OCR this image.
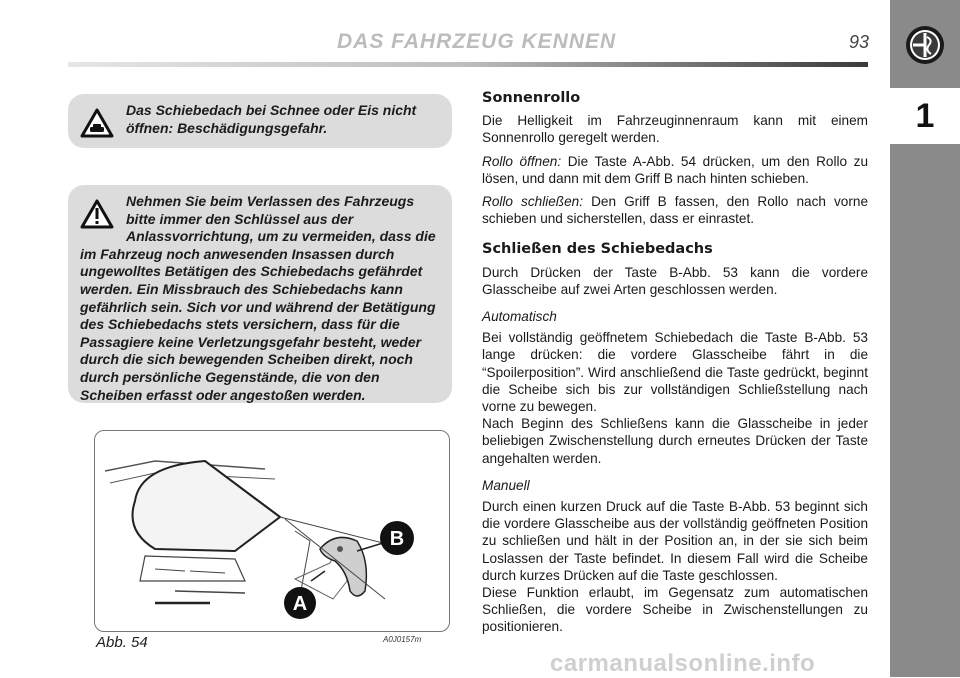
DAS FAHRZEUG KENNEN	93
1
Das Schiebedach bei Schnee oder Eis nicht öffnen: Beschädigungsgefahr.
Nehmen Sie beim Verlassen des Fahrzeugs bitte immer den Schlüssel aus der Anlassvorrichtung, um zu vermeiden, dass die im Fahrzeug noch anwesenden Insassen durch ungewolltes Betätigen des Schiebedachs gefährdet werden. Ein Missbrauch des Schiebedachs kann gefährlich sein. Sich vor und während der Betätigung des Schiebedachs stets versichern, dass für die Passagiere keine Verletzungsgefahr besteht, weder durch die sich bewegenden Scheiben direkt, noch durch persönliche Gegenstände, die von den Scheiben erfasst oder angestoßen werden.
B
A
Abb. 54	A0J0157m
Sonnenrollo

Die Helligkeit im Fahrzeuginnenraum kann mit einem Sonnenrollo geregelt werden.

Rollo öffnen: Die Taste A-Abb. 54 drücken, um den Rollo zu lösen, und dann mit dem Griff B nach hinten schieben.

Rollo schließen: Den Griff B fassen, den Rollo nach vorne schieben und sicherstellen, dass er einrastet.

Schließen des Schiebedachs

Durch Drücken der Taste B-Abb. 53 kann die vordere Glasscheibe auf zwei Arten geschlossen werden.

Automatisch

Bei vollständig geöffnetem Schiebedach die Taste B-Abb. 53 lange drücken: die vordere Glasscheibe fährt in die “Spoilerposition”. Wird anschließend die Taste gedrückt, beginnt die Scheibe sich bis zur vollständigen Schließstellung nach vorne zu bewegen.

Nach Beginn des Schließens kann die Glasscheibe in jeder beliebigen Zwischenstellung durch erneutes Drücken der Taste angehalten werden.

Manuell

Durch einen kurzen Druck auf die Taste B-Abb. 53 beginnt sich die vordere Glasscheibe aus der vollständig geöffneten Position zu schließen und hält in der Position an, in der sie sich beim Loslassen der Taste befindet. In diesem Fall wird die Scheibe durch kurzes Drücken auf die Taste geschlossen.

Diese Funktion erlaubt, im Gegensatz zum automatischen Schließen, die vordere Scheibe in Zwischenstellungen zu positionieren.

carmanualsonline.info
